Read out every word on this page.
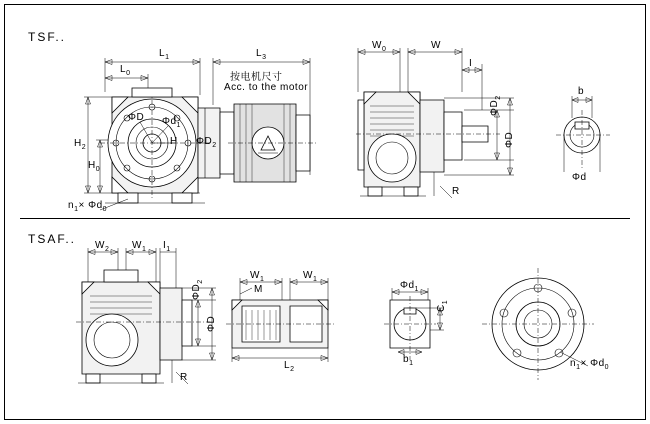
TSF..
TSAF..
$L_1$
$L_0$
$L_3$
按电机尺寸
Acc. to the motor
$H_2$
$H_0$
H
ΦD $\Phi d_1$
$\Phi D_2$
$n_1\times \Phi d_0$
$W_0$	W
I
$\Phi D_2$
ΦD
R
b
Φd
$W_2$ $W_1$ $I_1$
$\Phi D_2$
ΦD
R
$W_1$	$W_1$
M
$L_2$
$\Phi d_1$
$C_1$
$b_1$	$n_1\times \Phi d_0$
